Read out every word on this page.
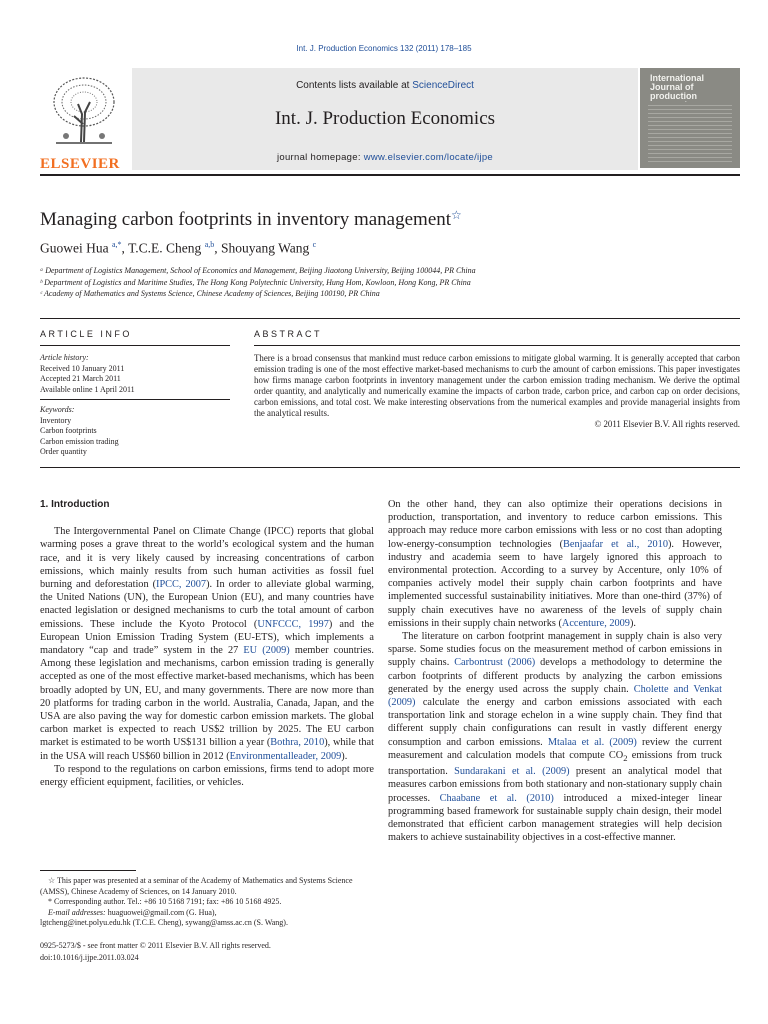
Int. J. Production Economics 132 (2011) 178–185
ELSEVIER
Contents lists available at ScienceDirect
Int. J. Production Economics
journal homepage: www.elsevier.com/locate/ijpe
International Journal of production
Managing carbon footprints in inventory management☆
Guowei Hua $^{a,*}$, T.C.E. Cheng $^{a,b}$, Shouyang Wang $^c$
ᵃ Department of Logistics Management, School of Economics and Management, Beijing Jiaotong University, Beijing 100044, PR China
ᵇ Department of Logistics and Maritime Studies, The Hong Kong Polytechnic University, Hung Hom, Kowloon, Hong Kong, PR China
ᶜ Academy of Mathematics and Systems Science, Chinese Academy of Sciences, Beijing 100190, PR China
ARTICLE INFO	ABSTRACT
Article history:
Received 10 January 2011
Accepted 21 March 2011
Available online 1 April 2011
Keywords:
Inventory
Carbon footprints
Carbon emission trading
Order quantity
There is a broad consensus that mankind must reduce carbon emissions to mitigate global warming. It is generally accepted that carbon emission trading is one of the most effective market-based mechanisms to curb the amount of carbon emissions. This paper investigates how firms manage carbon footprints in inventory management under the carbon emission trading mechanism. We derive the optimal order quantity, and analytically and numerically examine the impacts of carbon trade, carbon price, and carbon cap on order decisions, carbon emissions, and total cost. We make interesting observations from the numerical examples and provide managerial insights from the analytical results.
© 2011 Elsevier B.V. All rights reserved.
1. Introduction

The Intergovernmental Panel on Climate Change (IPCC) reports that global warming poses a grave threat to the world’s ecological system and the human race, and it is very likely caused by increasing concentrations of carbon emissions, which mainly results from such human activities as fossil fuel burning and deforestation (IPCC, 2007). In order to alleviate global warming, the United Nations (UN), the European Union (EU), and many countries have enacted legislation or designed mechanisms to curb the total amount of carbon emissions. These include the Kyoto Protocol (UNFCCC, 1997) and the European Union Emission Trading System (EU-ETS), which implements a mandatory “cap and trade” system in the 27 EU (2009) member countries. Among these legislation and mechanisms, carbon emission trading is generally accepted as one of the most effective market-based mechanisms, which has been broadly adopted by UN, EU, and many governments. There are now more than 20 platforms for trading carbon in the world. Australia, Canada, Japan, and the USA are also paving the way for domestic carbon emission markets. The global carbon market is expected to reach US$2 trillion by 2025. The EU carbon market is estimated to be worth US$131 billion a year (Bothra, 2010), while that in the USA will reach US$60 billion in 2012 (Environmentalleader, 2009).

To respond to the regulations on carbon emissions, firms tend to adopt more energy efficient equipment, facilities, or vehicles.

On the other hand, they can also optimize their operations decisions in production, transportation, and inventory to reduce carbon emissions. This approach may reduce more carbon emissions with less or no cost than adopting low-energy-consumption technologies (Benjaafar et al., 2010). However, industry and academia seem to have largely ignored this approach to environmental protection. According to a survey by Accenture, only 10% of companies actively model their supply chain carbon footprints and have implemented successful sustainability initiatives. More than one-third (37%) of supply chain executives have no awareness of the levels of supply chain emissions in their supply chain networks (Accenture, 2009).

The literature on carbon footprint management in supply chain is also very sparse. Some studies focus on the measurement method of carbon emissions in supply chains. Carbontrust (2006) develops a methodology to determine the carbon footprints of different products by analyzing the carbon emissions generated by the energy used across the supply chain. Cholette and Venkat (2009) calculate the energy and carbon emissions associated with each transportation link and storage echelon in a wine supply chain. They find that different supply chain configurations can result in vastly different energy consumption and carbon emissions. Mtalaa et al. (2009) review the current measurement and calculation models that compute $CO_2$ emissions from truck transportation. Sundarakani et al. (2009) present an analytical model that measures carbon emissions from both stationary and non-stationary supply chain processes. Chaabane et al. (2010) introduced a mixed-integer linear programming based framework for sustainable supply chain design, their model demonstrated that efficient carbon management strategies will help decision makers to achieve sustainability objectives in a cost-effective manner.

☆ This paper was presented at a seminar of the Academy of Mathematics and Systems Science (AMSS), Chinese Academy of Sciences, on 14 January 2010.
* Corresponding author. Tel.: +86 10 5168 7191; fax: +86 10 5168 4925.
E-mail addresses: huaguowei@gmail.com (G. Hua),
lgtcheng@inet.polyu.edu.hk (T.C.E. Cheng), sywang@amss.ac.cn (S. Wang).
0925-5273/$ - see front matter © 2011 Elsevier B.V. All rights reserved.
doi:10.1016/j.ijpe.2011.03.024
